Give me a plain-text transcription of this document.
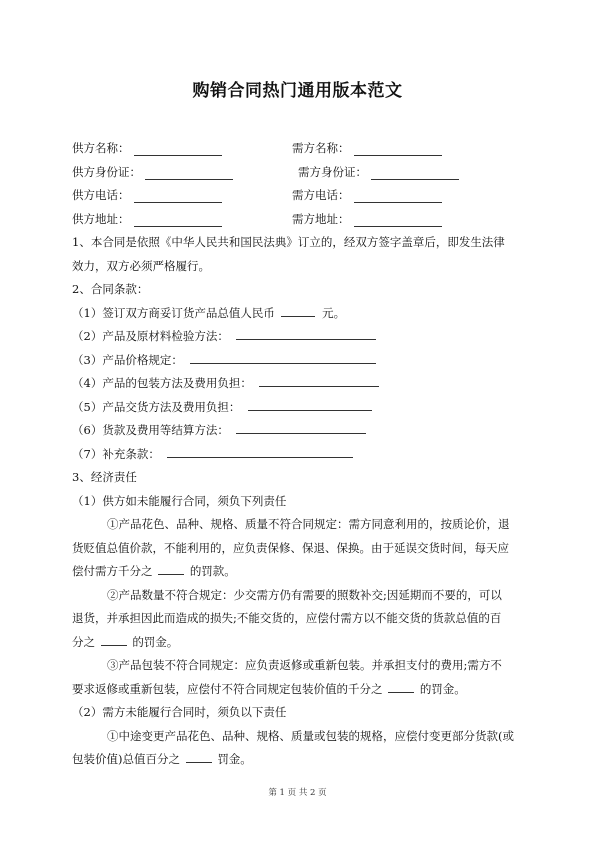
购销合同热门通用版本范文
供方名称：	需方名称：
供方身份证：	需方身份证：
供方电话：	需方电话：
供方地址：	需方地址：
1、本合同是依照《中华人民共和国民法典》订立的，经双方签字盖章后，即发生法律
效力，双方必须严格履行。
2、合同条款：
（1）签订双方商妥订货产品总值人民币	元。
（2）产品及原材料检验方法：
（3）产品价格规定：
（4）产品的包装方法及费用负担：
（5）产品交货方法及费用负担：
（6）货款及费用等结算方法：
（7）补充条款：
3、经济责任
（1）供方如未能履行合同，须负下列责任
①产品花色、品种、规格、质量不符合同规定：需方同意利用的，按质论价，退
货贬值总值价款，不能利用的，应负责保修、保退、保换。由于延误交货时间，每天应
偿付需方千分之	的罚款。
②产品数量不符合规定：少交需方仍有需要的照数补交;因延期而不要的，可以
退货，并承担因此而造成的损失;不能交货的，应偿付需方以不能交货的货款总值的百
分之	的罚金。
③产品包装不符合同规定：应负责返修或重新包装。并承担支付的费用;需方不
要求返修或重新包装，应偿付不符合同规定包装价值的千分之	的罚金。
（2）需方未能履行合同时，须负以下责任
①中途变更产品花色、品种、规格、质量或包装的规格，应偿付变更部分货款(或
包装价值)总值百分之	罚金。
第 1 页 共 2 页
